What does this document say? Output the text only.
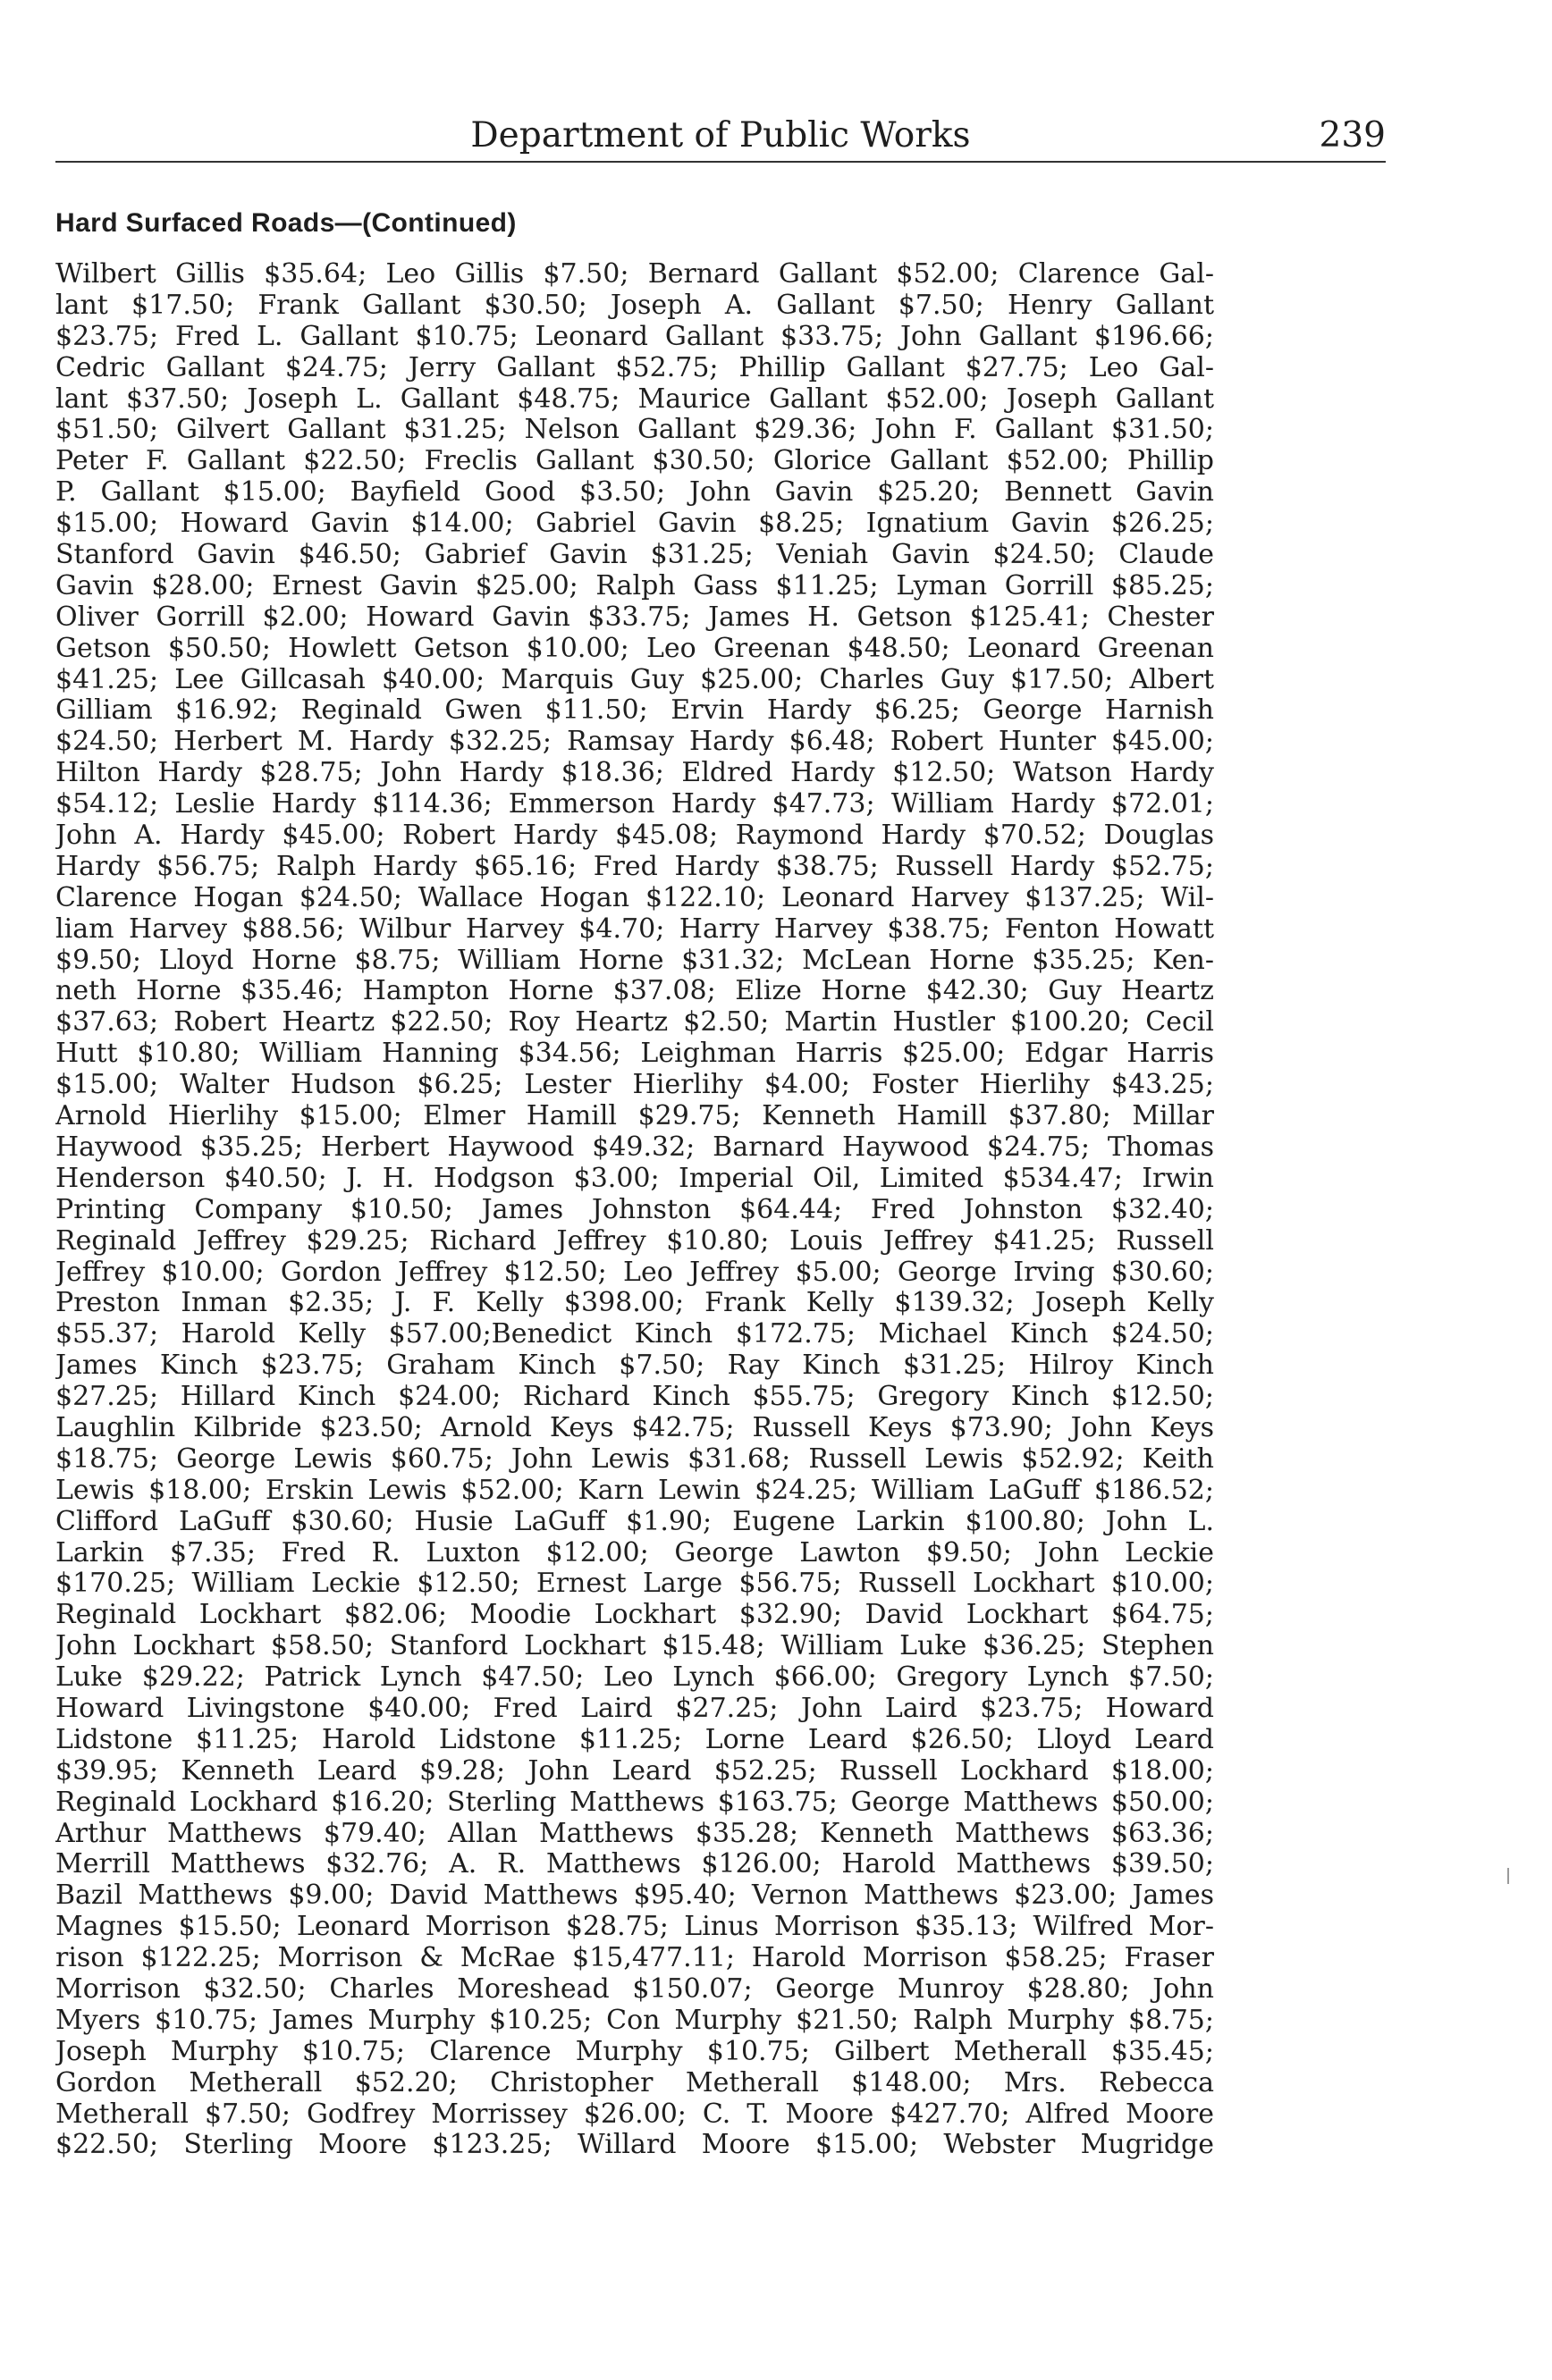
Department of Public Works	239
Hard Surfaced Roads—(Continued)
Wilbert Gillis $35.64; Leo Gillis $7.50; Bernard Gallant $52.00; Clarence Gal-
lant $17.50; Frank Gallant $30.50; Joseph A. Gallant $7.50; Henry Gallant
$23.75; Fred L. Gallant $10.75; Leonard Gallant $33.75; John Gallant $196.66;
Cedric Gallant $24.75; Jerry Gallant $52.75; Phillip Gallant $27.75; Leo Gal-
lant $37.50; Joseph L. Gallant $48.75; Maurice Gallant $52.00; Joseph Gallant
$51.50; Gilvert Gallant $31.25; Nelson Gallant $29.36; John F. Gallant $31.50;
Peter F. Gallant $22.50; Freclis Gallant $30.50; Glorice Gallant $52.00; Phillip
P. Gallant $15.00; Bayfield Good $3.50; John Gavin $25.20; Bennett Gavin
$15.00; Howard Gavin $14.00; Gabriel Gavin $8.25; Ignatium Gavin $26.25;
Stanford Gavin $46.50; Gabrief Gavin $31.25; Veniah Gavin $24.50; Claude
Gavin $28.00; Ernest Gavin $25.00; Ralph Gass $11.25; Lyman Gorrill $85.25;
Oliver Gorrill $2.00; Howard Gavin $33.75; James H. Getson $125.41; Chester
Getson $50.50; Howlett Getson $10.00; Leo Greenan $48.50; Leonard Greenan
$41.25; Lee Gillcasah $40.00; Marquis Guy $25.00; Charles Guy $17.50; Albert
Gilliam $16.92; Reginald Gwen $11.50; Ervin Hardy $6.25; George Harnish
$24.50; Herbert M. Hardy $32.25; Ramsay Hardy $6.48; Robert Hunter $45.00;
Hilton Hardy $28.75; John Hardy $18.36; Eldred Hardy $12.50; Watson Hardy
$54.12; Leslie Hardy $114.36; Emmerson Hardy $47.73; William Hardy $72.01;
John A. Hardy $45.00; Robert Hardy $45.08; Raymond Hardy $70.52; Douglas
Hardy $56.75; Ralph Hardy $65.16; Fred Hardy $38.75; Russell Hardy $52.75;
Clarence Hogan $24.50; Wallace Hogan $122.10; Leonard Harvey $137.25; Wil-
liam Harvey $88.56; Wilbur Harvey $4.70; Harry Harvey $38.75; Fenton Howatt
$9.50; Lloyd Horne $8.75; William Horne $31.32; McLean Horne $35.25; Ken-
neth Horne $35.46; Hampton Horne $37.08; Elize Horne $42.30; Guy Heartz
$37.63; Robert Heartz $22.50; Roy Heartz $2.50; Martin Hustler $100.20; Cecil
Hutt $10.80; William Hanning $34.56; Leighman Harris $25.00; Edgar Harris
$15.00; Walter Hudson $6.25; Lester Hierlihy $4.00; Foster Hierlihy $43.25;
Arnold Hierlihy $15.00; Elmer Hamill $29.75; Kenneth Hamill $37.80; Millar
Haywood $35.25; Herbert Haywood $49.32; Barnard Haywood $24.75; Thomas
Henderson $40.50; J. H. Hodgson $3.00; Imperial Oil, Limited $534.47; Irwin
Printing Company $10.50; James Johnston $64.44; Fred Johnston $32.40;
Reginald Jeffrey $29.25; Richard Jeffrey $10.80; Louis Jeffrey $41.25; Russell
Jeffrey $10.00; Gordon Jeffrey $12.50; Leo Jeffrey $5.00; George Irving $30.60;
Preston Inman $2.35; J. F. Kelly $398.00; Frank Kelly $139.32; Joseph Kelly
$55.37; Harold Kelly $57.00;Benedict Kinch $172.75; Michael Kinch $24.50;
James Kinch $23.75; Graham Kinch $7.50; Ray Kinch $31.25; Hilroy Kinch
$27.25; Hillard Kinch $24.00; Richard Kinch $55.75; Gregory Kinch $12.50;
Laughlin Kilbride $23.50; Arnold Keys $42.75; Russell Keys $73.90; John Keys
$18.75; George Lewis $60.75; John Lewis $31.68; Russell Lewis $52.92; Keith
Lewis $18.00; Erskin Lewis $52.00; Karn Lewin $24.25; William LaGuff $186.52;
Clifford LaGuff $30.60; Husie LaGuff $1.90; Eugene Larkin $100.80; John L.
Larkin $7.35; Fred R. Luxton $12.00; George Lawton $9.50; John Leckie
$170.25; William Leckie $12.50; Ernest Large $56.75; Russell Lockhart $10.00;
Reginald Lockhart $82.06; Moodie Lockhart $32.90; David Lockhart $64.75;
John Lockhart $58.50; Stanford Lockhart $15.48; William Luke $36.25; Stephen
Luke $29.22; Patrick Lynch $47.50; Leo Lynch $66.00; Gregory Lynch $7.50;
Howard Livingstone $40.00; Fred Laird $27.25; John Laird $23.75; Howard
Lidstone $11.25; Harold Lidstone $11.25; Lorne Leard $26.50; Lloyd Leard
$39.95; Kenneth Leard $9.28; John Leard $52.25; Russell Lockhard $18.00;
Reginald Lockhard $16.20; Sterling Matthews $163.75; George Matthews $50.00;
Arthur Matthews $79.40; Allan Matthews $35.28; Kenneth Matthews $63.36;
Merrill Matthews $32.76; A. R. Matthews $126.00; Harold Matthews $39.50;
Bazil Matthews $9.00; David Matthews $95.40; Vernon Matthews $23.00; James
Magnes $15.50; Leonard Morrison $28.75; Linus Morrison $35.13; Wilfred Mor-
rison $122.25; Morrison & McRae $15,477.11; Harold Morrison $58.25; Fraser
Morrison $32.50; Charles Moreshead $150.07; George Munroy $28.80; John
Myers $10.75; James Murphy $10.25; Con Murphy $21.50; Ralph Murphy $8.75;
Joseph Murphy $10.75; Clarence Murphy $10.75; Gilbert Metherall $35.45;
Gordon Metherall $52.20; Christopher Metherall $148.00; Mrs. Rebecca
Metherall $7.50; Godfrey Morrissey $26.00; C. T. Moore $427.70; Alfred Moore
$22.50; Sterling Moore $123.25; Willard Moore $15.00; Webster Mugridge
